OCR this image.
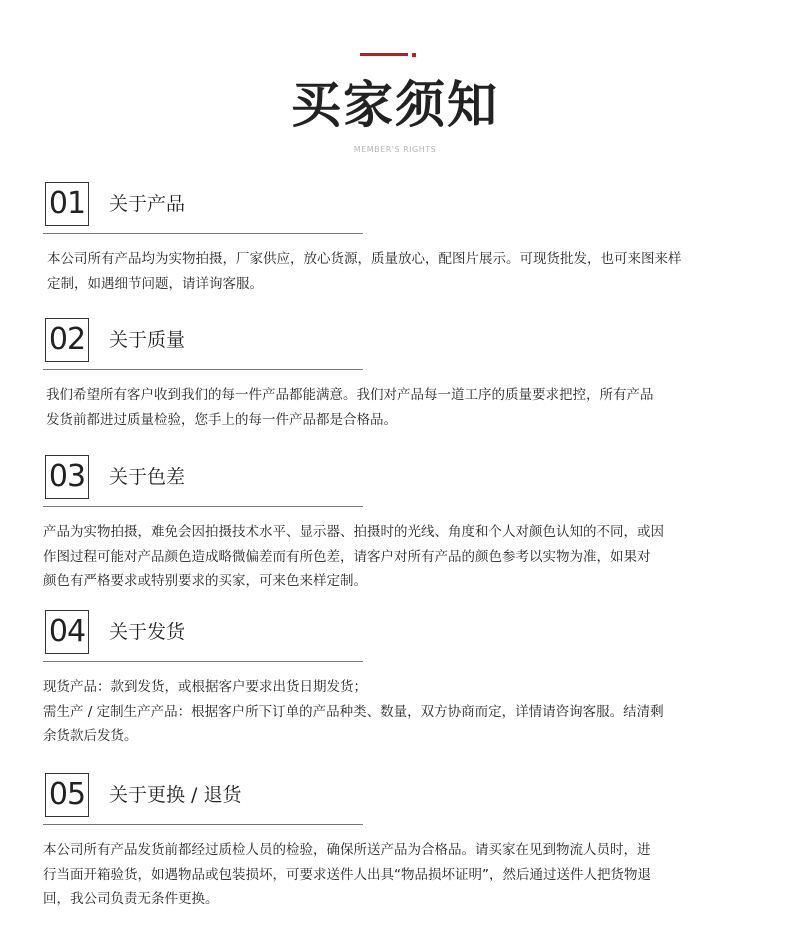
买家须知
MEMBER'S RIGHTS
01 关于产品
本公司所有产品均为实物拍摄，厂家供应，放心货源，质量放心，配图片展示。可现货批发，也可来图来样
定制，如遇细节问题，请详询客服。
02 关于质量
我们希望所有客户收到我们的每一件产品都能满意。我们对产品每一道工序的质量要求把控，所有产品
发货前都进过质量检验，您手上的每一件产品都是合格品。
03 关于色差
产品为实物拍摄，难免会因拍摄技术水平、显示器、拍摄时的光线、角度和个人对颜色认知的不同，或因
作图过程可能对产品颜色造成略微偏差而有所色差，请客户对所有产品的颜色参考以实物为准，如果对
颜色有严格要求或特别要求的买家，可来色来样定制。
04 关于发货
现货产品：款到发货，或根据客户要求出货日期发货；
需生产 / 定制生产产品：根据客户所下订单的产品种类、数量，双方协商而定，详情请咨询客服。结清剩
余货款后发货。
05 关于更换 / 退货
本公司所有产品发货前都经过质检人员的检验，确保所送产品为合格品。请买家在见到物流人员时，进
行当面开箱验货，如遇物品或包装损坏，可要求送件人出具“物品损坏证明”，然后通过送件人把货物退
回，我公司负责无条件更换。
